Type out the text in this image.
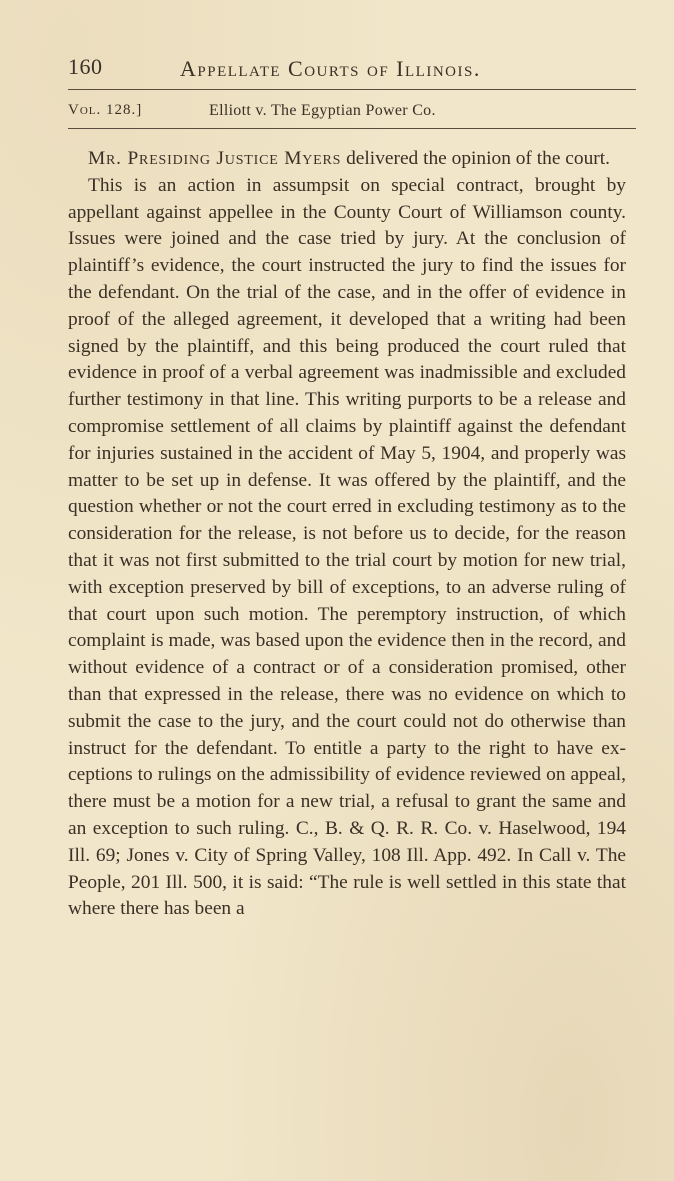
160	Appellate Courts of Illinois.
Vol. 128.]	Elliott v. The Egyptian Power Co.

Mr. Presiding Justice Myers delivered the opinion of the court.

This is an action in assumpsit on special contract, brought by appellant against appellee in the County Court of Williamson county. Issues were joined and the case tried by jury. At the conclusion of plaintiff’s evidence, the court instructed the jury to find the issues for the defendant. On the trial of the case, and in the offer of evidence in proof of the alleged agreement, it developed that a writing had been signed by the plaintiff, and this being produced the court ruled that evidence in proof of a verbal agreement was inadmissible and excluded further testimony in that line. This writing purports to be a release and compromise settlement of all claims by plaintiff against the defendant for injuries sustained in the accident of May 5, 1904, and properly was matter to be set up in defense. It was offered by the plaintiff, and the question whether or not the court erred in excluding testimony as to the consideration for the release, is not before us to decide, for the reason that it was not first submitted to the trial court by motion for new trial, with exception preserved by bill of exceptions, to an adverse ruling of that court upon such motion. The peremptory instruction, of which complaint is made, was based upon the evidence then in the record, and without evidence of a contract or of a consideration promised, other than that expressed in the release, there was no evidence on which to submit the case to the jury, and the court could not do otherwise than instruct for the defendant. To entitle a party to the right to have exceptions to rulings on the admissibility of evidence reviewed on appeal, there must be a motion for a new trial, a refusal to grant the same and an exception to such ruling. C., B. & Q. R. R. Co. v. Haselwood, 194 Ill. 69; Jones v. City of Spring Valley, 108 Ill. App. 492. In Call v. The People, 201 Ill. 500, it is said: “The rule is well settled in this state that where there has been a
